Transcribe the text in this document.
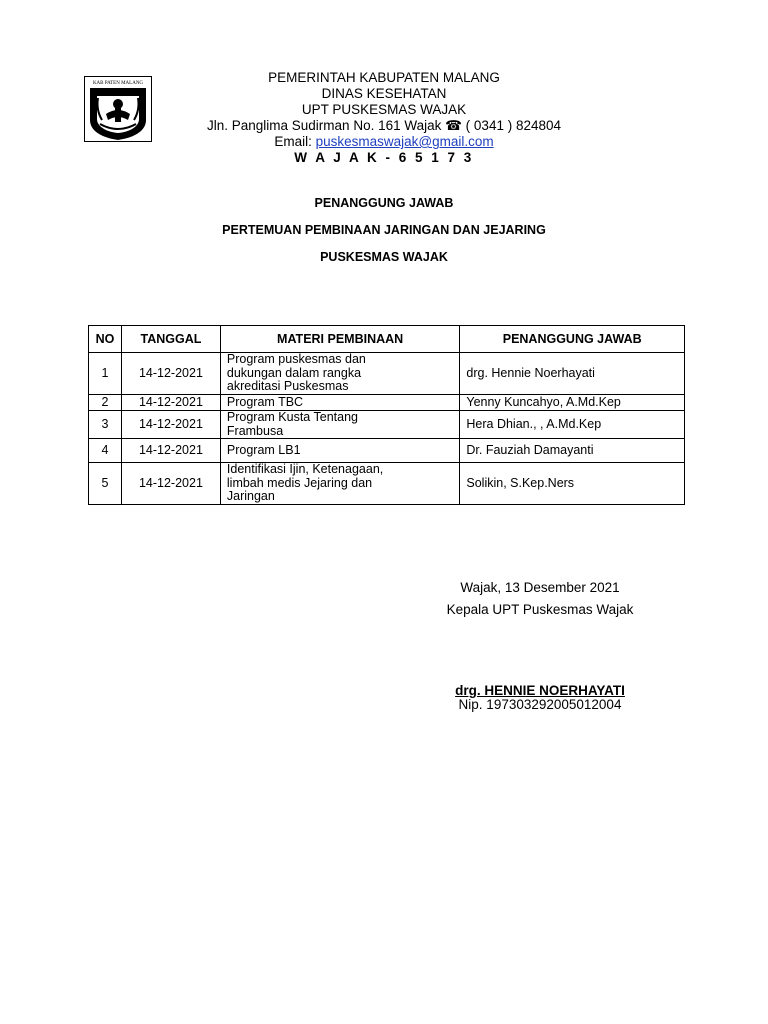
KAB PATEN MALANG	PEMERINTAH KABUPATEN MALANG
DINAS KESEHATAN
UPT PUSKESMAS WAJAK
Jln. Panglima Sudirman No. 161 Wajak ☎ ( 0341 ) 824804
Email: puskesmaswajak@gmail.com
W A J A K - 6 5 1 7 3
PENANGGUNG JAWAB
PERTEMUAN PEMBINAAN JARINGAN DAN JEJARING
PUSKESMAS WAJAK
NO	TANGGAL	MATERI PEMBINAAN	PENANGGUNG JAWAB
1	14-12-2021	Program puskesmas dan
dukungan dalam rangka
akreditasi Puskesmas	drg. Hennie Noerhayati
2	14-12-2021	Program TBC	Yenny Kuncahyo, A.Md.Kep
3	14-12-2021	Program Kusta Tentang
Frambusa	Hera Dhian., , A.Md.Kep
4	14-12-2021	Program LB1	Dr. Fauziah Damayanti
5	14-12-2021	Identifikasi Ijin, Ketenagaan,
limbah medis Jejaring dan
Jaringan	Solikin, S.Kep.Ners
Wajak, 13 Desember 2021
Kepala UPT Puskesmas Wajak
drg. HENNIE NOERHAYATI
Nip. 197303292005012004
